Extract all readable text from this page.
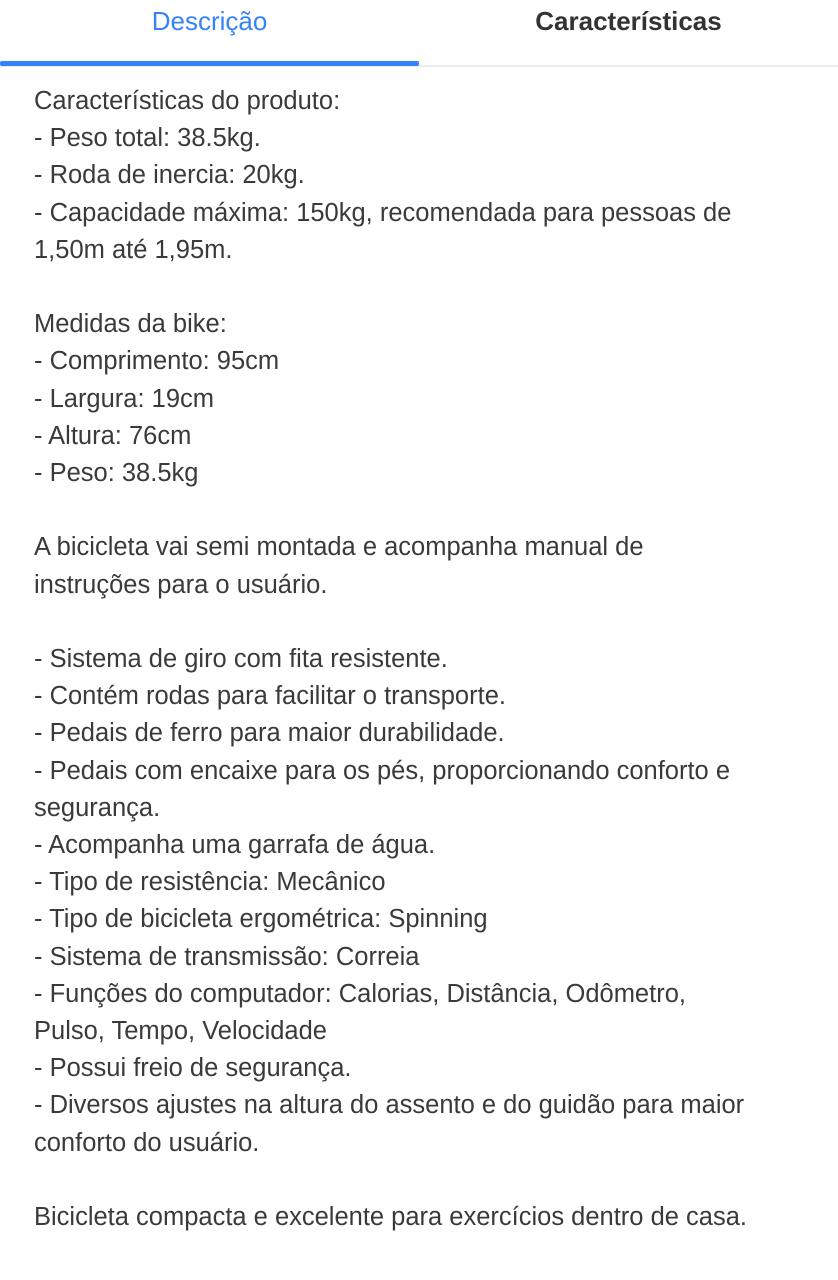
Descrição	Características
Características do produto:
- Peso total: 38.5kg.
- Roda de inercia: 20kg.
- Capacidade máxima: 150kg, recomendada para pessoas de
1,50m até 1,95m.
Medidas da bike:
- Comprimento: 95cm
- Largura: 19cm
- Altura: 76cm
- Peso: 38.5kg
A bicicleta vai semi montada e acompanha manual de
instruções para o usuário.
- Sistema de giro com fita resistente.
- Contém rodas para facilitar o transporte.
- Pedais de ferro para maior durabilidade.
- Pedais com encaixe para os pés, proporcionando conforto e
segurança.
- Acompanha uma garrafa de água.
- Tipo de resistência: Mecânico
- Tipo de bicicleta ergométrica: Spinning
- Sistema de transmissão: Correia
- Funções do computador: Calorias, Distância, Odômetro,
Pulso, Tempo, Velocidade
- Possui freio de segurança.
- Diversos ajustes na altura do assento e do guidão para maior
conforto do usuário.
Bicicleta compacta e excelente para exercícios dentro de casa.
